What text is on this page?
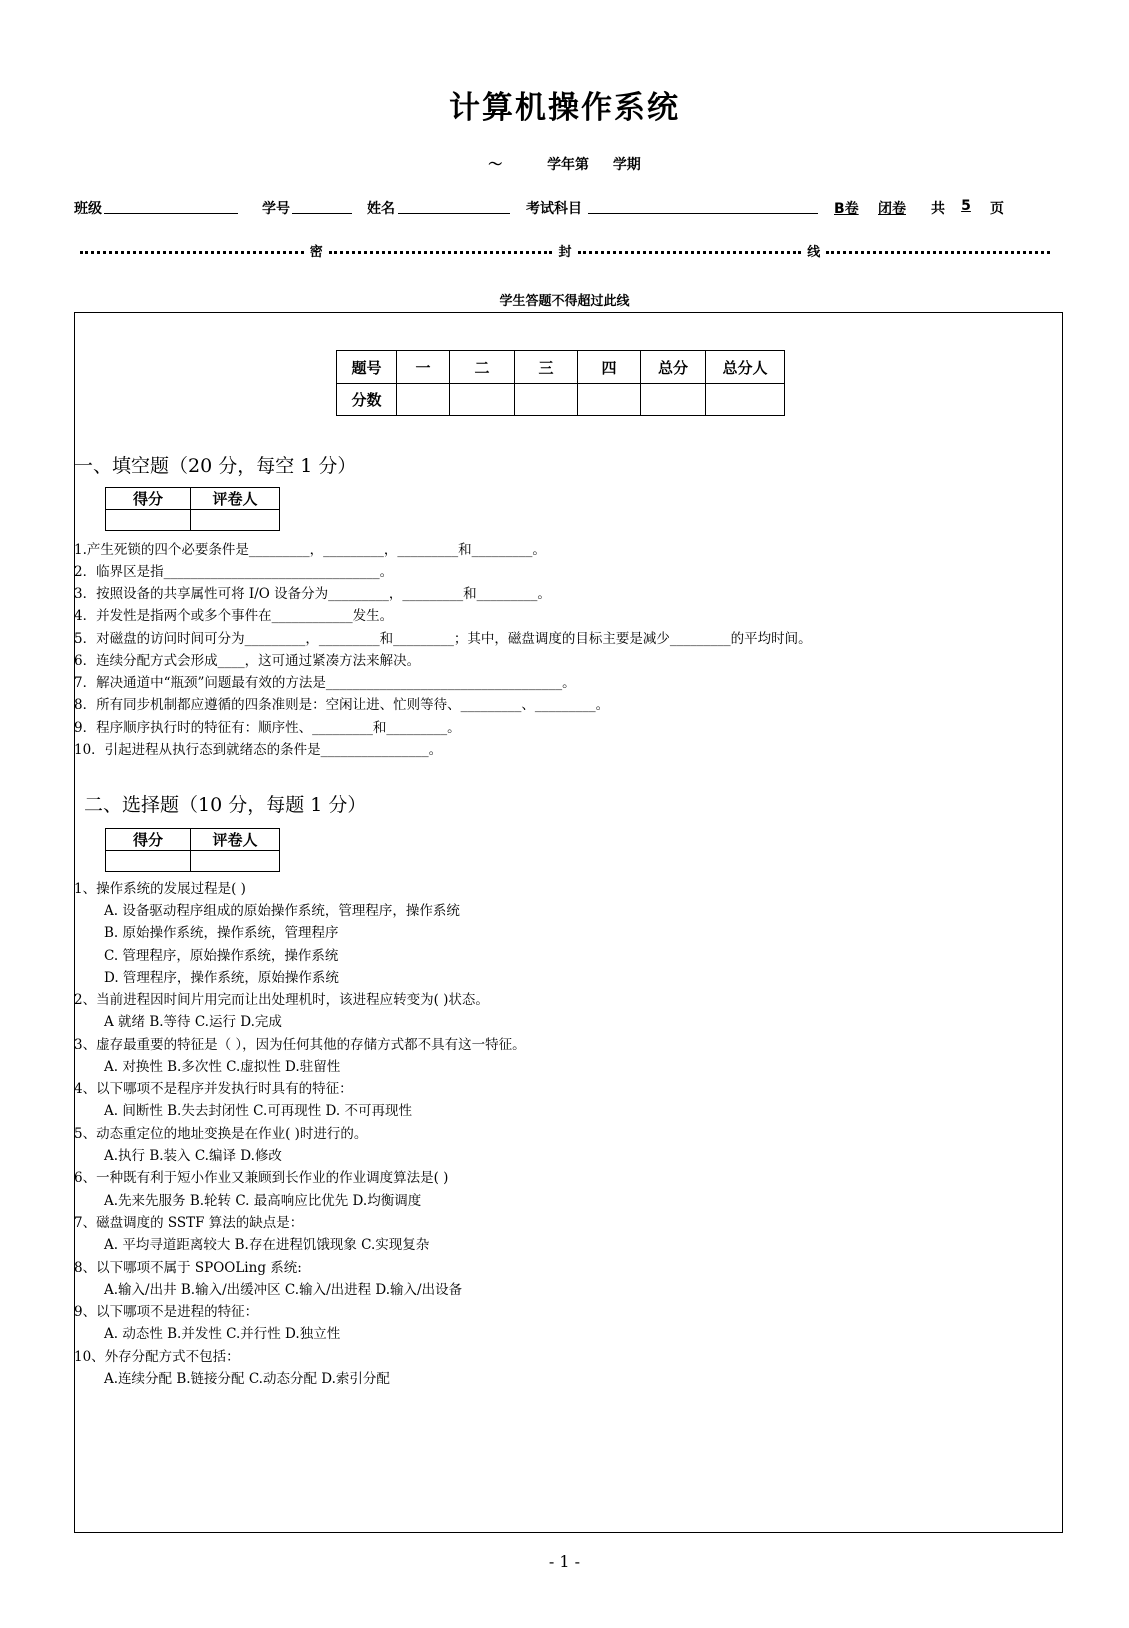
计算机操作系统
～	学年第 学期
班级	学号	姓名	考试科目	B卷 闭卷 共	5	页
密	封	线
学生答题不得超过此线
题号	一	二	三	四	总分	总分人
分数						
一、填空题（20 分，每空 1 分）
得分	评卷人

1.产生死锁的四个必要条件是_________，_________，_________和_________。
2．临界区是指________________________________。
3．按照设备的共享属性可将 I/O 设备分为_________，_________和_________。
4．并发性是指两个或多个事件在____________发生。
5．对磁盘的访问时间可分为_________，_________和_________；其中，磁盘调度的目标主要是减少_________的平均时间。
6．连续分配方式会形成____，这可通过紧凑方法来解决。
7．解决通道中“瓶颈”问题最有效的方法是___________________________________。
8．所有同步机制都应遵循的四条准则是：空闲让进、忙则等待、_________、_________。
9．程序顺序执行时的特征有：顺序性、_________和_________。
10．引起进程从执行态到就绪态的条件是________________。
二、选择题（10 分，每题 1 分）
得分	评卷人

1、操作系统的发展过程是( )
A. 设备驱动程序组成的原始操作系统，管理程序，操作系统
B. 原始操作系统，操作系统，管理程序
C. 管理程序，原始操作系统，操作系统
D. 管理程序，操作系统，原始操作系统
2、当前进程因时间片用完而让出处理机时，该进程应转变为( )状态。
A 就绪 B.等待 C.运行 D.完成
3、虚存最重要的特征是（ ），因为任何其他的存储方式都不具有这一特征。
A. 对换性 B.多次性 C.虚拟性 D.驻留性
4、以下哪项不是程序并发执行时具有的特征：
A. 间断性 B.失去封闭性 C.可再现性 D. 不可再现性
5、动态重定位的地址变换是在作业( )时进行的。
A.执行 B.装入 C.编译 D.修改
6、一种既有利于短小作业又兼顾到长作业的作业调度算法是( )
A.先来先服务 B.轮转 C. 最高响应比优先 D.均衡调度
7、磁盘调度的 SSTF 算法的缺点是：
A. 平均寻道距离较大 B.存在进程饥饿现象 C.实现复杂
8、以下哪项不属于 SPOOLing 系统:
A.输入/出井 B.输入/出缓冲区 C.输入/出进程 D.输入/出设备
9、以下哪项不是进程的特征：
A. 动态性 B.并发性 C.并行性 D.独立性
10、外存分配方式不包括：
A.连续分配 B.链接分配 C.动态分配 D.索引分配
- 1 -
